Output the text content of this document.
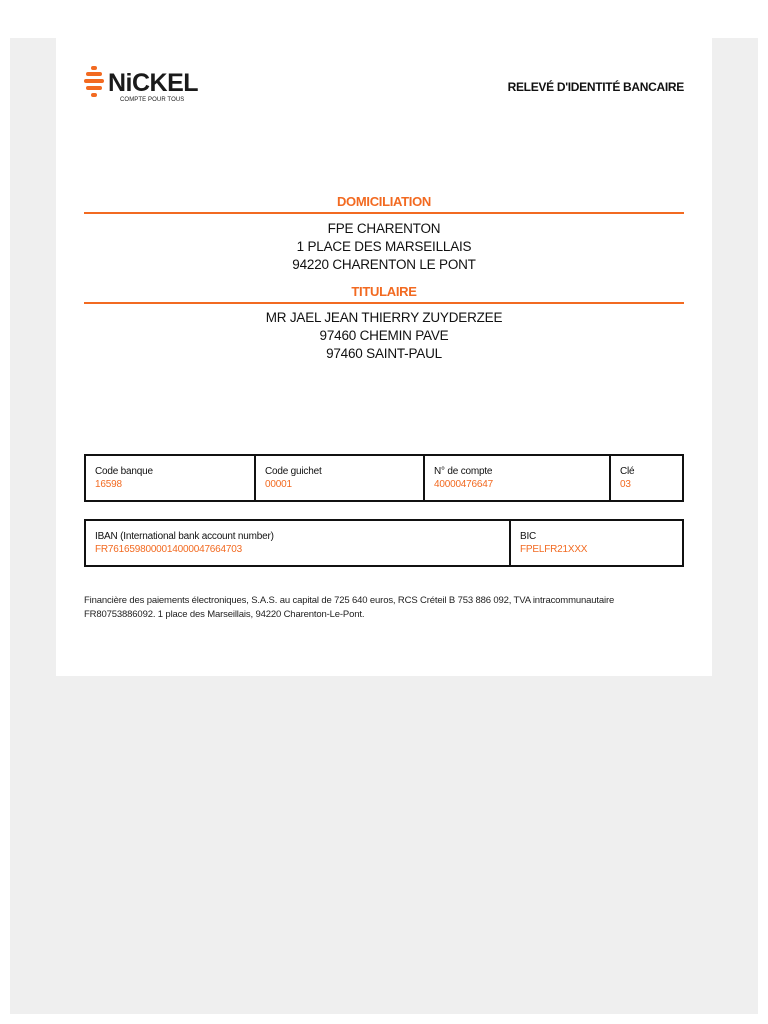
NiCKEL
COMPTE POUR TOUS
RELEVÉ D'IDENTITÉ BANCAIRE
DOMICILIATION
FPE CHARENTON
1 PLACE DES MARSEILLAIS
94220 CHARENTON LE PONT
TITULAIRE
MR JAEL JEAN THIERRY ZUYDERZEE
97460 CHEMIN PAVE
97460 SAINT-PAUL
Code banque
16598
Code guichet
00001
N° de compte
40000476647
Clé
03
IBAN (International bank account number)
FR7616598000014000047664703
BIC
FPELFR21XXX
Financière des paiements électroniques, S.A.S. au capital de 725 640 euros, RCS Créteil B 753 886 092, TVA intracommunautaire
FR80753886092. 1 place des Marseillais, 94220 Charenton-Le-Pont.
